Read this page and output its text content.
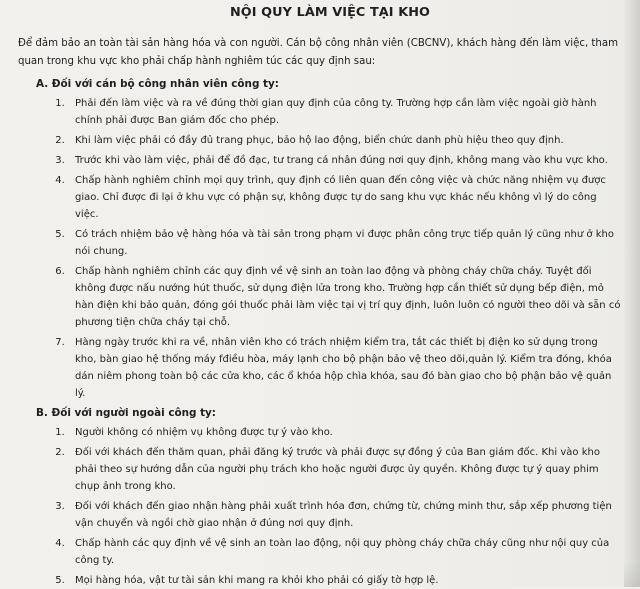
NỘI QUY LÀM VIỆC TẠI KHO
Để đảm bảo an toàn tài sản hàng hóa và con người. Cán bộ công nhân viên (CBCNV), khách hàng đến làm việc, tham quan trong khu vực kho phải chấp hành nghiêm túc các quy định sau:
A. Đối với cán bộ công nhân viên công ty:
1. Phải đến làm việc và ra về đúng thời gian quy định của công ty. Trường hợp cần làm việc ngoài giờ hành chính phải được Ban giám đốc cho phép.
2. Khi làm việc phải có đầy đủ trang phục, bảo hộ lao động, biển chức danh phù hiệu theo quy định.
3. Trước khi vào làm việc, phải để đồ đạc, tư trang cá nhân đúng nơi quy định, không mang vào khu vực kho.
4. Chấp hành nghiêm chỉnh mọi quy trình, quy định có liên quan đến công việc và chức năng nhiệm vụ được giao. Chỉ được đi lại ở khu vực có phận sự, không được tự do sang khu vực khác nếu không vì lý do công việc.
5. Có trách nhiệm bảo vệ hàng hóa và tài sản trong phạm vi được phân công trực tiếp quản lý cũng như ở kho nói chung.
6. Chấp hành nghiêm chỉnh các quy định về vệ sinh an toàn lao động và phòng cháy chữa cháy. Tuyệt đối không được nấu nướng hút thuốc, sử dụng điện lửa trong kho. Trường hợp cần thiết sử dụng bếp điện, mỏ hàn điện khi bảo quản, đóng gói thuốc phải làm việc tại vị trí quy định, luôn luôn có người theo dõi và sẵn có phương tiện chữa cháy tại chỗ.
7. Hàng ngày trước khi ra về, nhân viên kho có trách nhiệm kiểm tra, tắt các thiết bị điện ko sử dụng trong kho, bàn giao hệ thống máy fđiều hòa, máy lạnh cho bộ phận bảo vệ theo dõi,quản lý. Kiểm tra đóng, khóa dán niêm phong toàn bộ các cửa kho, các ổ khóa hộp chìa khóa, sau đó bàn giao cho bộ phận bảo vệ quản lý.
B. Đối với người ngoài công ty:
1. Người không có nhiệm vụ không được tự ý vào kho.
2. Đối với khách đến thăm quan, phải đăng ký trước và phải được sự đồng ý của Ban giám đốc. Khi vào kho phải theo sự hướng dẫn của người phụ trách kho hoặc người được ủy quyền. Không được tự ý quay phim chụp ảnh trong kho.
3. Đối với khách đến giao nhận hàng phải xuất trình hóa đơn, chứng từ, chứng minh thư, sắp xếp phương tiện vận chuyển và ngồi chờ giao nhận ở đúng nơi quy định.
4. Chấp hành các quy định về vệ sinh an toàn lao động, nội quy phòng cháy chữa cháy cũng như nội quy của công ty.
5. Mọi hàng hóa, vật tư tài sản khi mang ra khỏi kho phải có giấy tờ hợp lệ.
